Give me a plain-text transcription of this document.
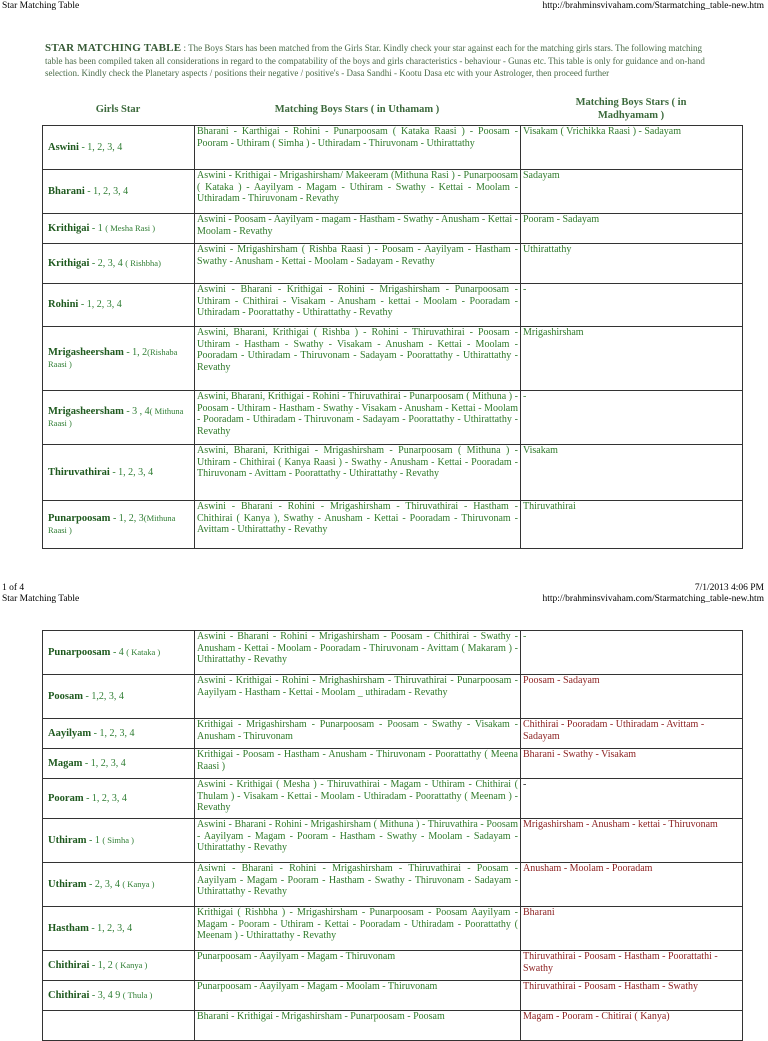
Star Matching Table	http://brahminsvivaham.com/Starmatching_table-new.htm
STAR MATCHING TABLE : The Boys Stars has been matched from the Girls Star. Kindly check your star against each for the matching girls stars. The following matching table has been compiled taken all considerations in regard to the compatability of the boys and girls characteristics - behaviour - Gunas etc. This table is only for guidance and on-hand selection. Kindly check the Planetary aspects / positions their negative / positive's - Dasa Sandhi - Kootu Dasa etc with your Astrologer, then proceed further
Girls Star	Matching Boys Stars ( in Uthamam )
Matching Boys Stars ( in
Madhyamam )
Aswini - 1, 2, 3, 4	Bharani - Karthigai - Rohini - Punarpoosam ( Kataka Raasi ) - Poosam - Pooram - Uthiram ( Simha ) - Uthiradam - Thiruvonam - Uthirattathy	Visakam ( Vrichikka Raasi ) - Sadayam
Bharani - 1, 2, 3, 4	Aswini - Krithigai - Mrigashirsham/ Makeeram (Mithuna Rasi ) - Punarpoosam ( Kataka ) - Aayilyam - Magam - Uthiram - Swathy - Kettai - Moolam - Uthiradam - Thiruvonam - Revathy	Sadayam
Krithigai - 1 ( Mesha Rasi )	Aswini - Poosam - Aayilyam - magam - Hastham - Swathy - Anusham - Kettai - Moolam - Revathy	Pooram - Sadayam
Krithigai - 2, 3, 4 ( Rishbha)	Aswini - Mrigashirsham ( Rishba Raasi ) - Poosam - Aayilyam - Hastham - Swathy - Anusham - Kettai - Moolam - Sadayam - Revathy	Uthirattathy
Rohini - 1, 2, 3, 4	Aswini - Bharani - Krithigai - Rohini - Mrigashirsham - Punarpoosam - Uthiram - Chithirai - Visakam - Anusham - kettai - Moolam - Pooradam - Uthiradam - Poorattathy - Uthirattathy - Revathy	-
Mrigasheersham - 1, 2(Rishaba Raasi )	Aswini, Bharani, Krithigai ( Rishba ) - Rohini - Thiruvathirai - Poosam - Uthiram - Hastham - Swathy - Visakam - Anusham - Kettai - Moolam - Pooradam - Uthiradam - Thiruvonam - Sadayam - Poorattathy - Uthirattathy - Revathy	Mrigashirsham
Mrigasheersham - 3 , 4( Mithuna Raasi )	Aswini, Bharani, Krithigai - Rohini - Thiruvathirai - Punarpoosam ( Mithuna ) - Poosam - Uthiram - Hastham - Swathy - Visakam - Anusham - Kettai - Moolam - Pooradam - Uthiradam - Thiruvonam - Sadayam - Poorattathy - Uthirattathy - Revathy	-
Thiruvathirai - 1, 2, 3, 4	Aswini, Bharani, Krithigai - Mrigashirsham - Punarpoosam ( Mithuna ) - Uthiram - Chithirai ( Kanya Raasi ) - Swathy - Anusham - Kettai - Pooradam - Thiruvonam - Avittam - Poorattathy - Uthirattathy - Revathy	Visakam
Punarpoosam - 1, 2, 3(Mithuna Raasi )	Aswini - Bharani - Rohini - Mrigashirsham - Thiruvathirai - Hastham - Chithirai ( Kanya ), Swathy - Anusham - Kettai - Pooradam - Thiruvonam - Avittam - Uthirattathy - Revathy	Thiruvathirai
1 of 4	7/1/2013 4:06 PM
Star Matching Table	http://brahminsvivaham.com/Starmatching_table-new.htm
Punarpoosam - 4 ( Kataka )	Aswini - Bharani - Rohini - Mrigashirsham - Poosam - Chithirai - Swathy - Anusham - Kettai - Moolam - Pooradam - Thiruvonam - Avittam ( Makaram ) - Uthirattathy - Revathy	-
Poosam - 1,2, 3, 4	Aswini - Krithigai - Rohini - Mrighashirsham - Thiruvathirai - Punarpoosam - Aayilyam - Hastham - Kettai - Moolam _ uthiradam - Revathy	Poosam - Sadayam
Aayilyam - 1, 2, 3, 4	Krithigai - Mrigashirsham - Punarpoosam - Poosam - Swathy - Visakam - Anusham - Thiruvonam	Chithirai - Pooradam - Uthiradam - Avittam - Sadayam
Magam - 1, 2, 3, 4	Krithigai - Poosam - Hastham - Anusham - Thiruvonam - Poorattathy ( Meena Raasi )	Bharani - Swathy - Visakam
Pooram - 1, 2, 3, 4	Aswini - Krithigai ( Mesha ) - Thiruvathirai - Magam - Uthiram - Chithirai ( Thulam ) - Visakam - Kettai - Moolam - Uthiradam - Poorattathy ( Meenam ) - Revathy	-
Uthiram - 1 ( Simha )	Aswini - Bharani - Rohini - Mrigashirsham ( Mithuna ) - Thiruvathira - Poosam - Aayilyam - Magam - Pooram - Hastham - Swathy - Moolam - Sadayam - Uthirattathy - Revathy	Mrigashirsham - Anusham - kettai - Thiruvonam
Uthiram - 2, 3, 4 ( Kanya )	Asiwni - Bharani - Rohini - Mrigashirsham - Thiruvathirai - Poosam - Aayilyam - Magam - Pooram - Hastham - Swathy - Thiruvonam - Sadayam - Uthirattathy - Revathy	Anusham - Moolam - Pooradam
Hastham - 1, 2, 3, 4	Krithigai ( Rishbha ) - Mrigashirsham - Punarpoosam - Poosam Aayilyam - Magam - Pooram - Uthiram - Kettai - Pooradam - Uthiradam - Poorattathy ( Meenam ) - Uthirattathy - Revathy	Bharani
Chithirai - 1, 2 ( Kanya )	Punarpoosam - Aayilyam - Magam - Thiruvonam	Thiruvathirai - Poosam - Hastham - Poorattathi - Swathy
Chithirai - 3, 4 9 ( Thula )	Punarpoosam - Aayilyam - Magam - Moolam - Thiruvonam	Thiruvathirai - Poosam - Hastham - Swathy
	Bharani - Krithigai - Mrigashirsham - Punarpoosam - Poosam	Magam - Pooram - Chitirai ( Kanya)
